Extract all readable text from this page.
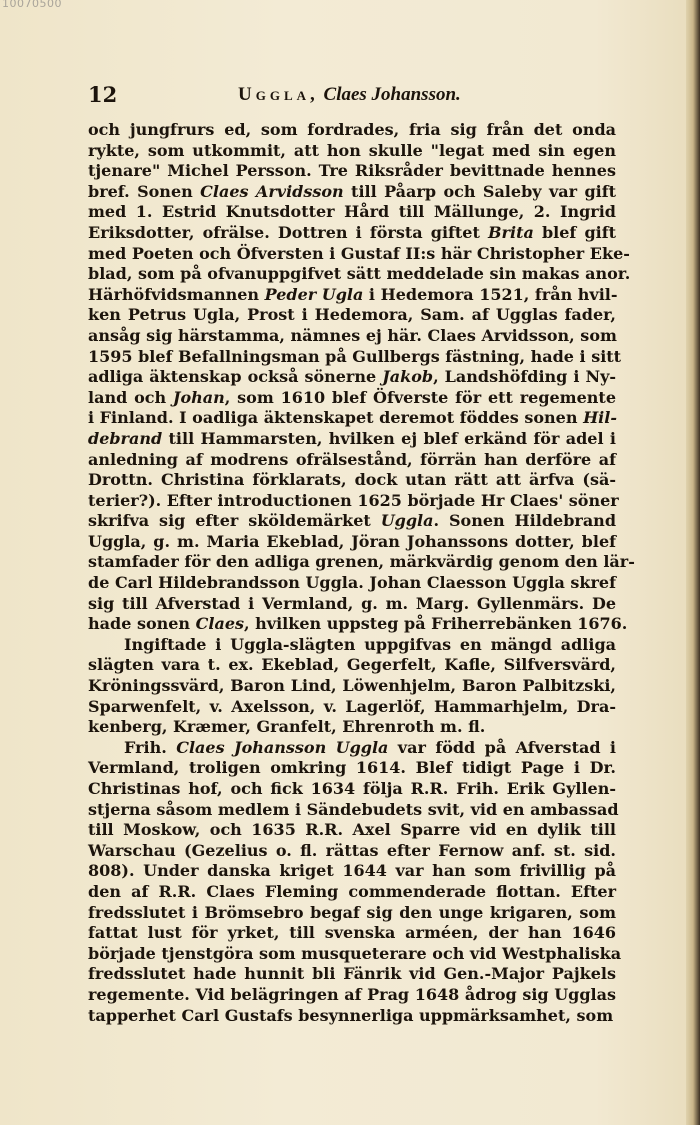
10070500
12	Uggla, Claes Johansson.
och jungfrurs ed, som fordrades, fria sig från det onda
rykte, som utkommit, att hon skulle "legat med sin egen
tjenare" Michel Persson. Tre Riksråder bevittnade hennes
bref. Sonen Claes Arvidsson till Påarp och Saleby var gift
med 1. Estrid Knutsdotter Hård till Mällunge, 2. Ingrid
Eriksdotter, ofrälse. Dottren i första giftet Brita blef gift
med Poeten och Öfversten i Gustaf II:s här Christopher Eke-
blad, som på ofvanuppgifvet sätt meddelade sin makas anor.
Härhöfvidsmannen Peder Ugla i Hedemora 1521, från hvil-
ken Petrus Ugla, Prost i Hedemora, Sam. af Ugglas fader,
ansåg sig härstamma, nämnes ej här. Claes Arvidsson, som
1595 blef Befallningsman på Gullbergs fästning, hade i sitt
adliga äktenskap också sönerne Jakob, Landshöfding i Ny-
land och Johan, som 1610 blef Öfverste för ett regemente
i Finland. I oadliga äktenskapet deremot föddes sonen Hil-
debrand till Hammarsten, hvilken ej blef erkänd för adel i
anledning af modrens ofrälsestånd, förrän han derföre af
Drottn. Christina förklarats, dock utan rätt att ärfva (sä-
terier?). Efter introductionen 1625 började Hr Claes' söner
skrifva sig efter sköldemärket Uggla. Sonen Hildebrand
Uggla, g. m. Maria Ekeblad, Jöran Johanssons dotter, blef
stamfader för den adliga grenen, märkvärdig genom den lär-
de Carl Hildebrandsson Uggla. Johan Claesson Uggla skref
sig till Afverstad i Vermland, g. m. Marg. Gyllenmärs. De
hade sonen Claes, hvilken uppsteg på Friherrebänken 1676.
Ingiftade i Uggla-slägten uppgifvas en mängd adliga
slägten vara t. ex. Ekeblad, Gegerfelt, Kafle, Silfversvärd,
Kröningssvärd, Baron Lind, Löwenhjelm, Baron Palbitzski,
Sparwenfelt, v. Axelsson, v. Lagerlöf, Hammarhjelm, Dra-
kenberg, Kræmer, Granfelt, Ehrenroth m. fl.
Frih. Claes Johansson Uggla var född på Afverstad i
Vermland, troligen omkring 1614. Blef tidigt Page i Dr.
Christinas hof, och fick 1634 följa R.R. Frih. Erik Gyllen-
stjerna såsom medlem i Sändebudets svit, vid en ambassad
till Moskow, och 1635 R.R. Axel Sparre vid en dylik till
Warschau (Gezelius o. fl. rättas efter Fernow anf. st. sid.
808). Under danska kriget 1644 var han som frivillig på
den af R.R. Claes Fleming commenderade flottan. Efter
fredsslutet i Brömsebro begaf sig den unge krigaren, som
fattat lust för yrket, till svenska arméen, der han 1646
började tjenstgöra som musqueterare och vid Westphaliska
fredsslutet hade hunnit bli Fänrik vid Gen.-Major Pajkels
regemente. Vid belägringen af Prag 1648 ådrog sig Ugglas
tapperhet Carl Gustafs besynnerliga uppmärksamhet, som
